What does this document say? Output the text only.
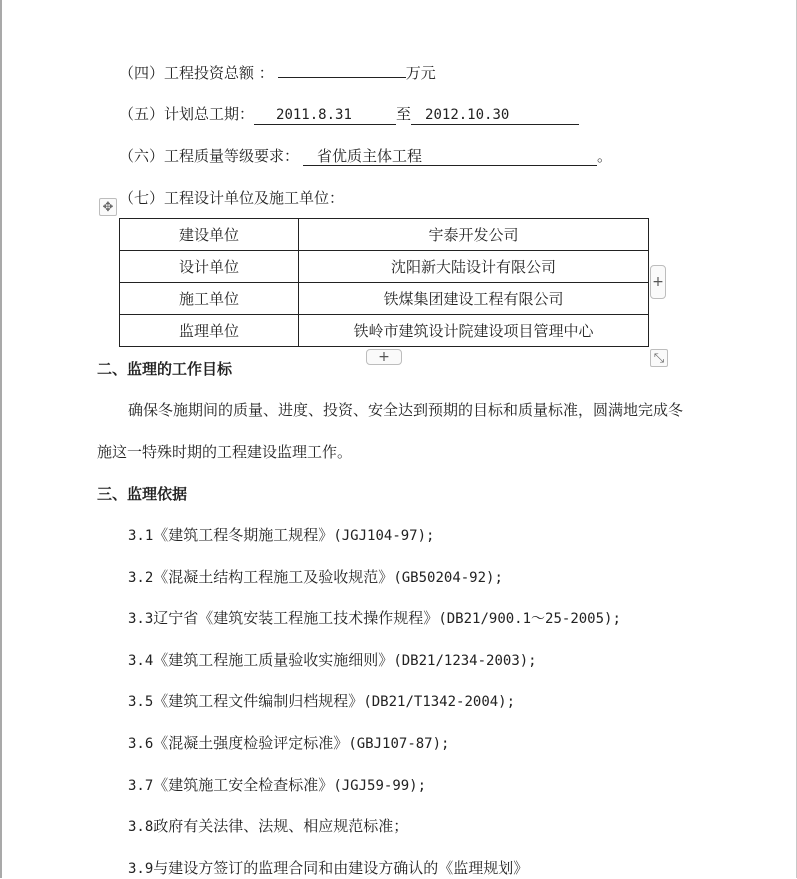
（四）工程投资总额 ：	万元
（五）计划总工期： 2011.8.31	至 2012.10.30
（六）工程质量等级要求： 省优质主体工程	。
（七）工程设计单位及施工单位：
✥
建设单位	宇泰开发公司
设计单位	沈阳新大陆设计有限公司
施工单位	铁煤集团建设工程有限公司
监理单位	铁岭市建筑设计院建设项目管理中心
+
+	⤡
二、监理的工作目标
确保冬施期间的质量、进度、投资、安全达到预期的目标和质量标准，圆满地完成冬
施这一特殊时期的工程建设监理工作。
三、监理依据
3.1《建筑工程冬期施工规程》(JGJ104-97);
3.2《混凝土结构工程施工及验收规范》(GB50204-92);
3.3辽宁省《建筑安装工程施工技术操作规程》(DB21/900.1～25-2005);
3.4《建筑工程施工质量验收实施细则》(DB21/1234-2003);
3.5《建筑工程文件编制归档规程》(DB21/T1342-2004);
3.6《混凝土强度检验评定标准》(GBJ107-87);
3.7《建筑施工安全检查标准》(JGJ59-99);
3.8政府有关法律、法规、相应规范标准；
3.9与建设方签订的监理合同和由建设方确认的《监理规划》
